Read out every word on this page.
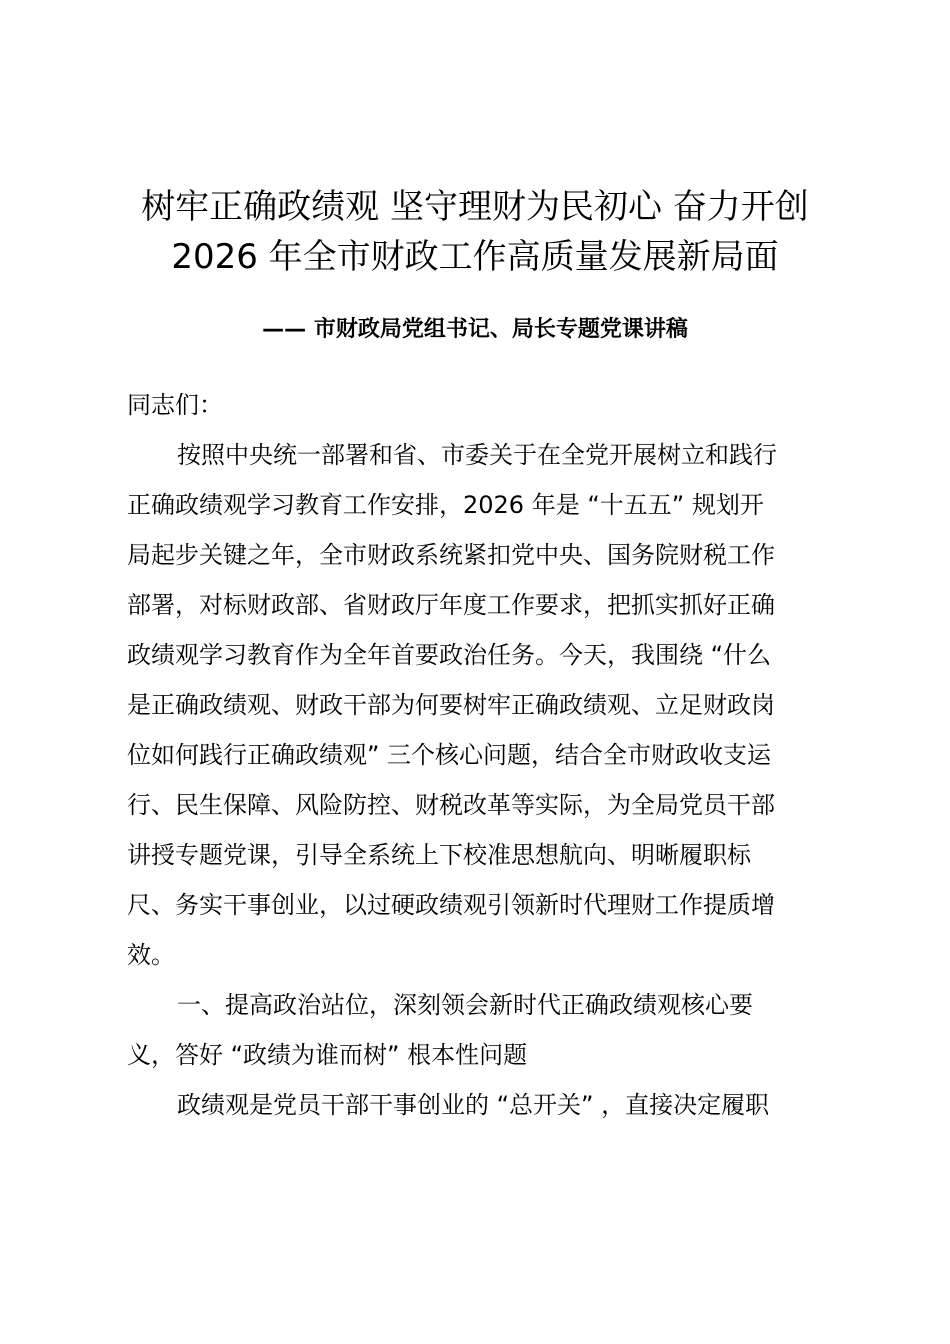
树牢正确政绩观 坚守理财为民初心 奋力开创
2026 年全市财政工作高质量发展新局面
—— 市财政局党组书记、局长专题党课讲稿
同志们：
按照中央统一部署和省、市委关于在全党开展树立和践行
正确政绩观学习教育工作安排，2026 年是 “十五五” 规划开
局起步关键之年，全市财政系统紧扣党中央、国务院财税工作
部署，对标财政部、省财政厅年度工作要求，把抓实抓好正确
政绩观学习教育作为全年首要政治任务。今天，我围绕 “什么
是正确政绩观、财政干部为何要树牢正确政绩观、立足财政岗
位如何践行正确政绩观” 三个核心问题，结合全市财政收支运
行、民生保障、风险防控、财税改革等实际，为全局党员干部
讲授专题党课，引导全系统上下校准思想航向、明晰履职标
尺、务实干事创业，以过硬政绩观引领新时代理财工作提质增
效。
一、提高政治站位，深刻领会新时代正确政绩观核心要
义，答好 “政绩为谁而树” 根本性问题
政绩观是党员干部干事创业的 “总开关” ，直接决定履职
